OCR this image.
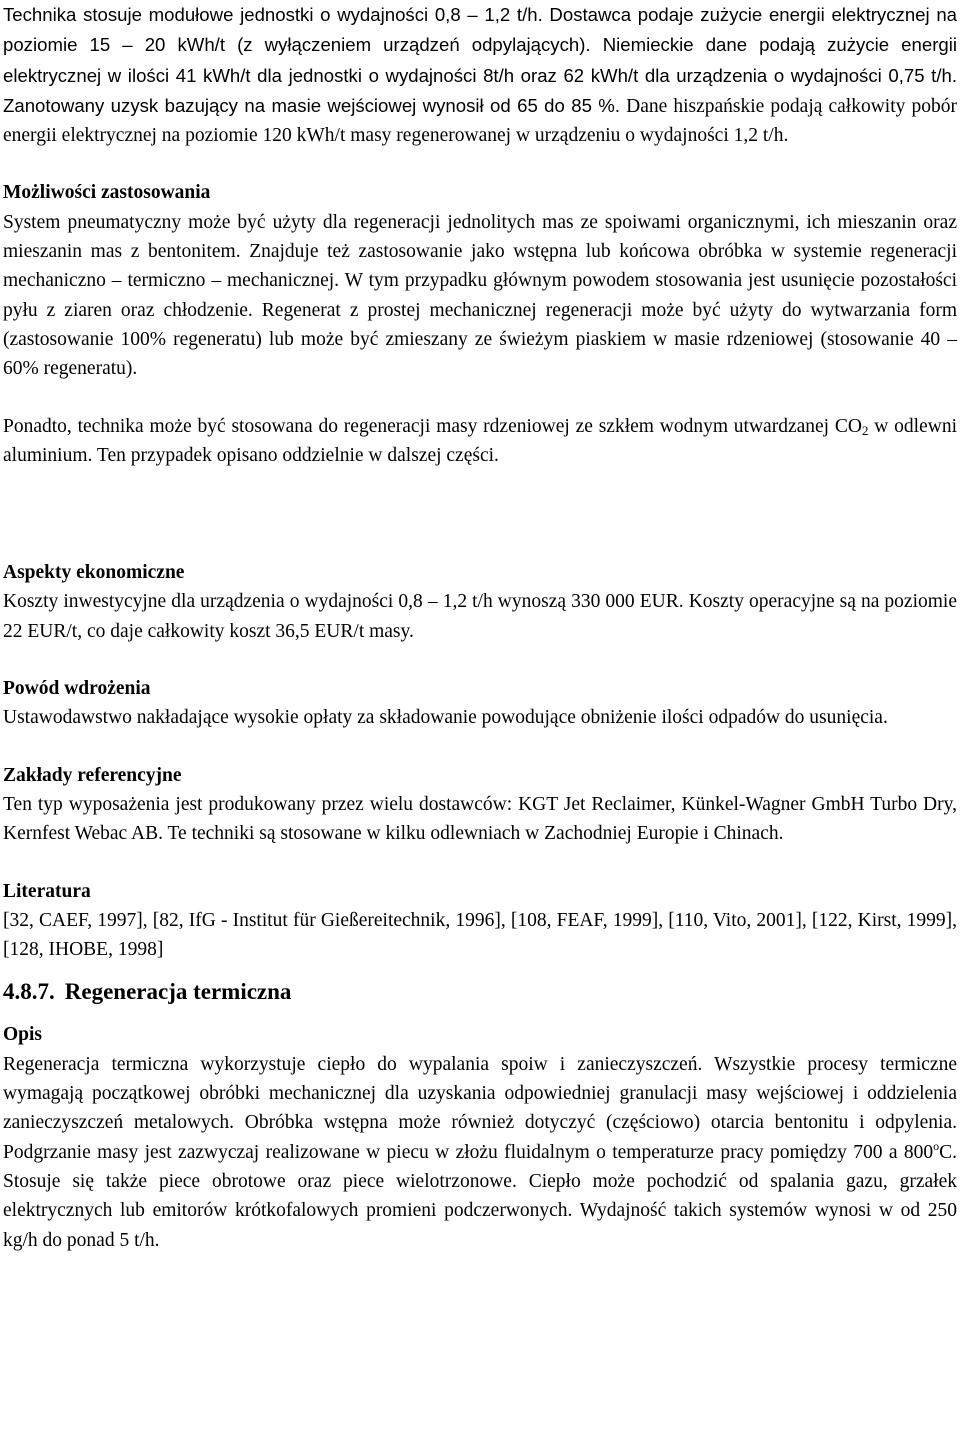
Technika stosuje modułowe jednostki o wydajności 0,8 – 1,2 t/h. Dostawca podaje zużycie energii elektrycznej na poziomie 15 – 20 kWh/t (z wyłączeniem urządzeń odpylających). Niemieckie dane podają zużycie energii elektrycznej w ilości 41 kWh/t dla jednostki o wydajności 8t/h oraz 62 kWh/t dla urządzenia o wydajności 0,75 t/h. Zanotowany uzysk bazujący na masie wejściowej wynosił od 65 do 85 %. Dane hiszpańskie podają całkowity pobór energii elektrycznej na poziomie 120 kWh/t masy regenerowanej w urządzeniu o wydajności 1,2 t/h.

Możliwości zastosowania

System pneumatyczny może być użyty dla regeneracji jednolitych mas ze spoiwami organicznymi, ich mieszanin oraz mieszanin mas z bentonitem. Znajduje też zastosowanie jako wstępna lub końcowa obróbka w systemie regeneracji mechaniczno – termiczno – mechanicznej. W tym przypadku głównym powodem stosowania jest usunięcie pozostałości pyłu z ziaren oraz chłodzenie. Regenerat z prostej mechanicznej regeneracji może być użyty do wytwarzania form (zastosowanie 100% regeneratu) lub może być zmieszany ze świeżym piaskiem w masie rdzeniowej (stosowanie 40 – 60% regeneratu).

Ponadto, technika może być stosowana do regeneracji masy rdzeniowej ze szkłem wodnym utwardzanej $CO_2$ w odlewni aluminium. Ten przypadek opisano oddzielnie w dalszej części.

Aspekty ekonomiczne

Koszty inwestycyjne dla urządzenia o wydajności 0,8 – 1,2 t/h wynoszą 330 000 EUR. Koszty operacyjne są na poziomie 22 EUR/t, co daje całkowity koszt 36,5 EUR/t masy.

Powód wdrożenia

Ustawodawstwo nakładające wysokie opłaty za składowanie powodujące obniżenie ilości odpadów do usunięcia.

Zakłady referencyjne

Ten typ wyposażenia jest produkowany przez wielu dostawców: KGT Jet Reclaimer, Künkel-Wagner GmbH Turbo Dry, Kernfest Webac AB. Te techniki są stosowane w kilku odlewniach w Zachodniej Europie i Chinach.

Literatura

[32, CAEF, 1997], [82, IfG - Institut für Gießereitechnik, 1996], [108, FEAF, 1999], [110, Vito, 2001], [122, Kirst, 1999], [128, IHOBE, 1998]

4.8.7. Regeneracja termiczna
Opis

Regeneracja termiczna wykorzystuje ciepło do wypalania spoiw i zanieczyszczeń. Wszystkie procesy termiczne wymagają początkowej obróbki mechanicznej dla uzyskania odpowiedniej granulacji masy wejściowej i oddzielenia zanieczyszczeń metalowych. Obróbka wstępna może również dotyczyć (częściowo) otarcia bentonitu i odpylenia. Podgrzanie masy jest zazwyczaj realizowane w piecu w złożu fluidalnym o temperaturze pracy pomiędzy 700 a 800$^o$C. Stosuje się także piece obrotowe oraz piece wielotrzonowe. Ciepło może pochodzić od spalania gazu, grzałek elektrycznych lub emitorów krótkofalowych promieni podczerwonych. Wydajność takich systemów wynosi w od 250 kg/h do ponad 5 t/h.
